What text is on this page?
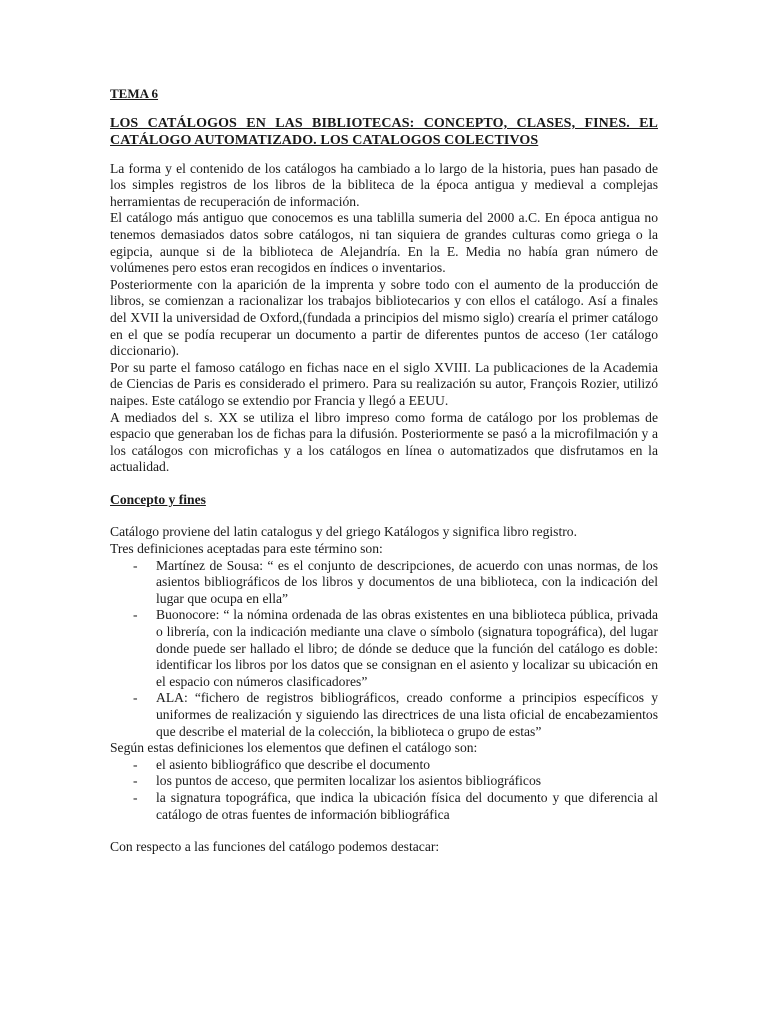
TEMA 6

LOS CATÁLOGOS EN LAS BIBLIOTECAS: CONCEPTO, CLASES, FINES. EL CATÁLOGO AUTOMATIZADO. LOS CATALOGOS COLECTIVOS

La forma y el contenido de los catálogos ha cambiado a lo largo de la historia, pues han pasado de los simples registros de los libros de la bibliteca de la época antigua y medieval a complejas herramientas de recuperación de información.

El catálogo más antiguo que conocemos es una tablilla sumeria del 2000 a.C. En época antigua no tenemos demasiados datos sobre catálogos, ni tan siquiera de grandes culturas como griega o la egipcia, aunque si de la biblioteca de Alejandría. En la E. Media no había gran número de volúmenes pero estos eran recogidos en índices o inventarios.

Posteriormente con la aparición de la imprenta y sobre todo con el aumento de la producción de libros, se comienzan a racionalizar los trabajos bibliotecarios y con ellos el catálogo. Así a finales del XVII la universidad de Oxford,(fundada a principios del mismo siglo) crearía el primer catálogo en el que se podía recuperar un documento a partir de diferentes puntos de acceso (1er catálogo diccionario).

Por su parte el famoso catálogo en fichas nace en el siglo XVIII. La publicaciones de la Academia de Ciencias de Paris es considerado el primero. Para su realización su autor, François Rozier, utilizó naipes. Este catálogo se extendio por Francia y llegó a EEUU.

A mediados del s. XX se utiliza el libro impreso como forma de catálogo por los problemas de espacio que generaban los de fichas para la difusión. Posteriormente se pasó a la microfilmación y a los catálogos con microfichas y a los catálogos en línea o automatizados que disfrutamos en la actualidad.

Concepto y fines

Catálogo proviene del latin catalogus y del griego Katálogos y significa libro registro.

Tres definiciones aceptadas para este término son:

- Martínez de Sousa: “ es el conjunto de descripciones, de acuerdo con unas normas, de los asientos bibliográficos de los libros y documentos de una biblioteca, con la indicación del lugar que ocupa en ella”
- Buonocore: “ la nómina ordenada de las obras existentes en una biblioteca pública, privada o librería, con la indicación mediante una clave o símbolo (signatura topográfica), del lugar donde puede ser hallado el libro; de dónde se deduce que la función del catálogo es doble: identificar los libros por los datos que se consignan en el asiento y localizar su ubicación en el espacio con números clasificadores”
- ALA: “fichero de registros bibliográficos, creado conforme a principios específicos y uniformes de realización y siguiendo las directrices de una lista oficial de encabezamientos que describe el material de la colección, la biblioteca o grupo de estas”

Según estas definiciones los elementos que definen el catálogo son:

- el asiento bibliográfico que describe el documento
- los puntos de acceso, que permiten localizar los asientos bibliográficos
- la signatura topográfica, que indica la ubicación física del documento y que diferencia al catálogo de otras fuentes de información bibliográfica

Con respecto a las funciones del catálogo podemos destacar:
